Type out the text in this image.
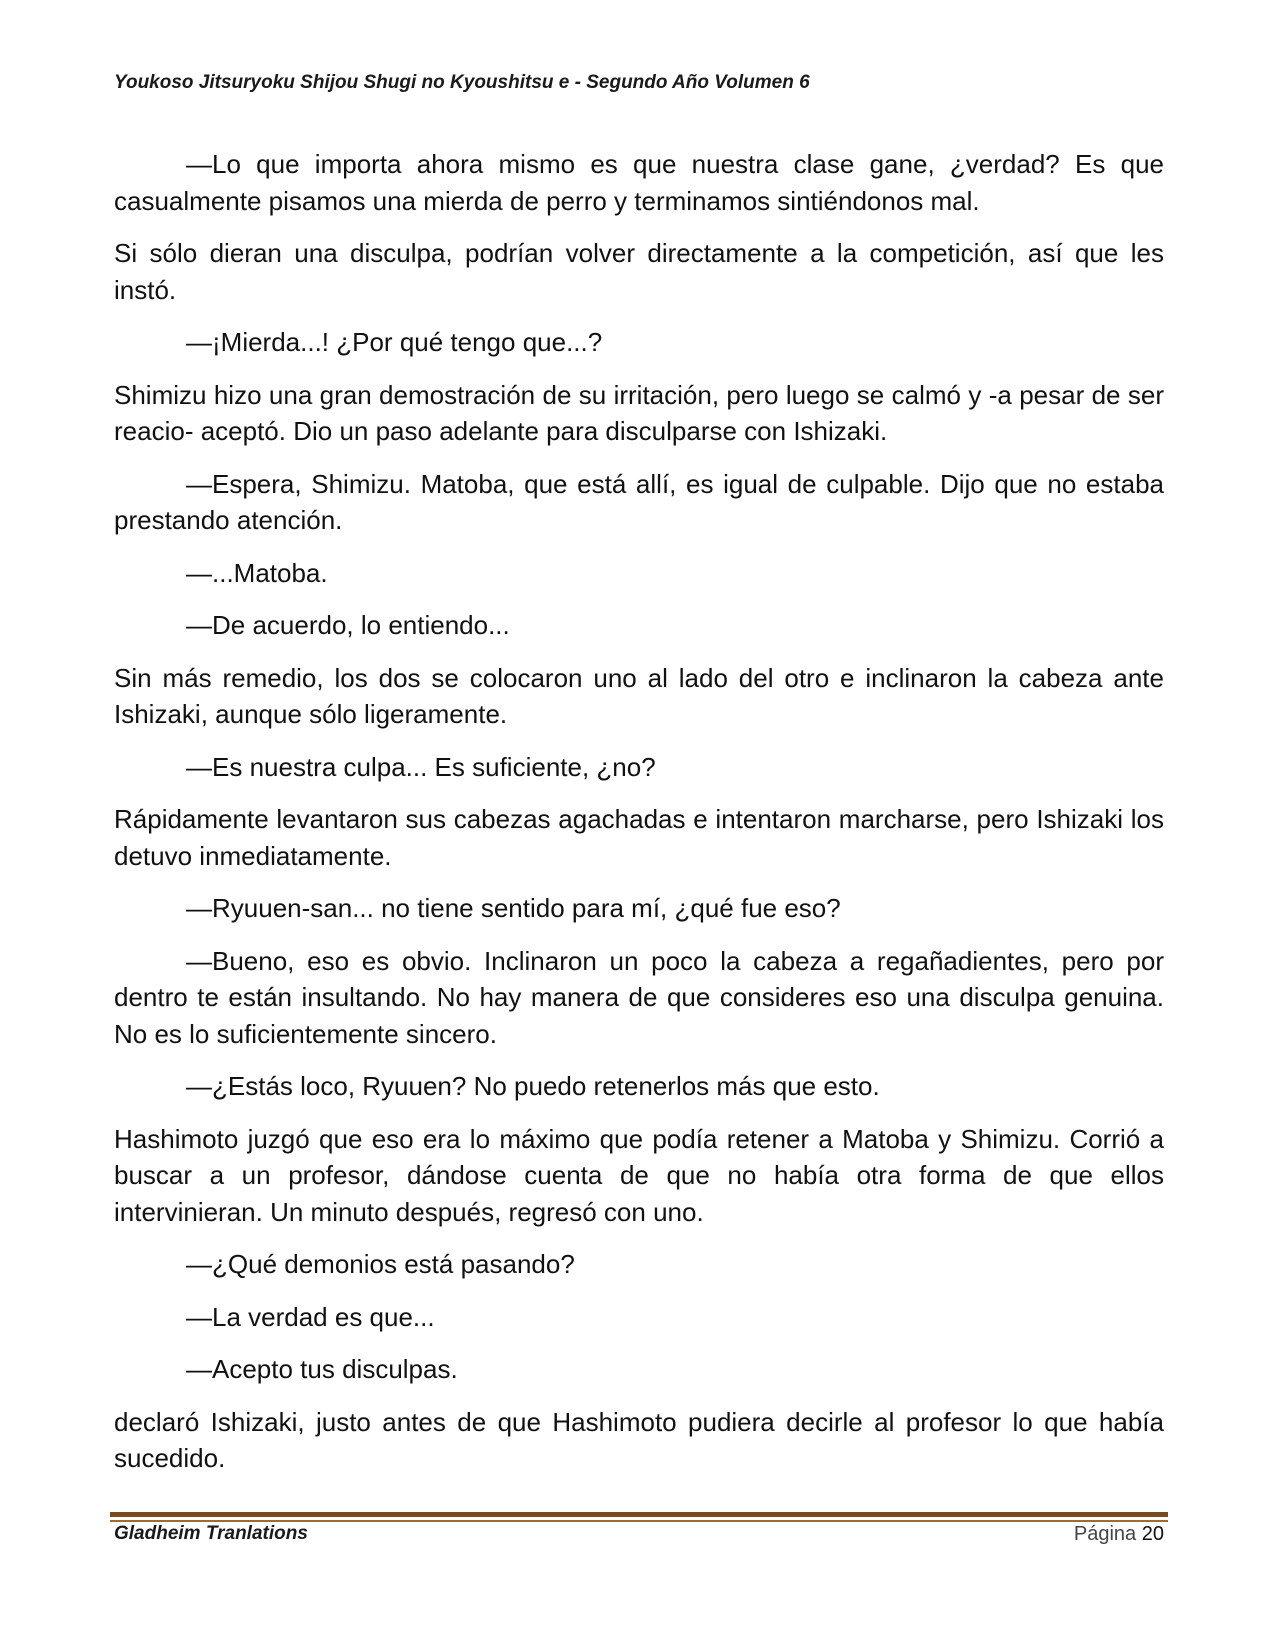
Youkoso Jitsuryoku Shijou Shugi no Kyoushitsu e - Segundo Año Volumen 6

—Lo que importa ahora mismo es que nuestra clase gane, ¿verdad? Es que casualmente pisamos una mierda de perro y terminamos sintiéndonos mal.

Si sólo dieran una disculpa, podrían volver directamente a la competición, así que les instó.

—¡Mierda...! ¿Por qué tengo que...?

Shimizu hizo una gran demostración de su irritación, pero luego se calmó y -a pesar de ser reacio- aceptó. Dio un paso adelante para disculparse con Ishizaki.

—Espera, Shimizu. Matoba, que está allí, es igual de culpable. Dijo que no estaba prestando atención.

—...Matoba.

—De acuerdo, lo entiendo...

Sin más remedio, los dos se colocaron uno al lado del otro e inclinaron la cabeza ante Ishizaki, aunque sólo ligeramente.

—Es nuestra culpa... Es suficiente, ¿no?

Rápidamente levantaron sus cabezas agachadas e intentaron marcharse, pero Ishizaki los detuvo inmediatamente.

—Ryuuen-san... no tiene sentido para mí, ¿qué fue eso?

—Bueno, eso es obvio. Inclinaron un poco la cabeza a regañadientes, pero por dentro te están insultando. No hay manera de que consideres eso una disculpa genuina. No es lo suficientemente sincero.

—¿Estás loco, Ryuuen? No puedo retenerlos más que esto.

Hashimoto juzgó que eso era lo máximo que podía retener a Matoba y Shimizu. Corrió a buscar a un profesor, dándose cuenta de que no había otra forma de que ellos intervinieran. Un minuto después, regresó con uno.

—¿Qué demonios está pasando?

—La verdad es que...

—Acepto tus disculpas.

declaró Ishizaki, justo antes de que Hashimoto pudiera decirle al profesor lo que había sucedido.

Gladheim Tranlations	Página 20
